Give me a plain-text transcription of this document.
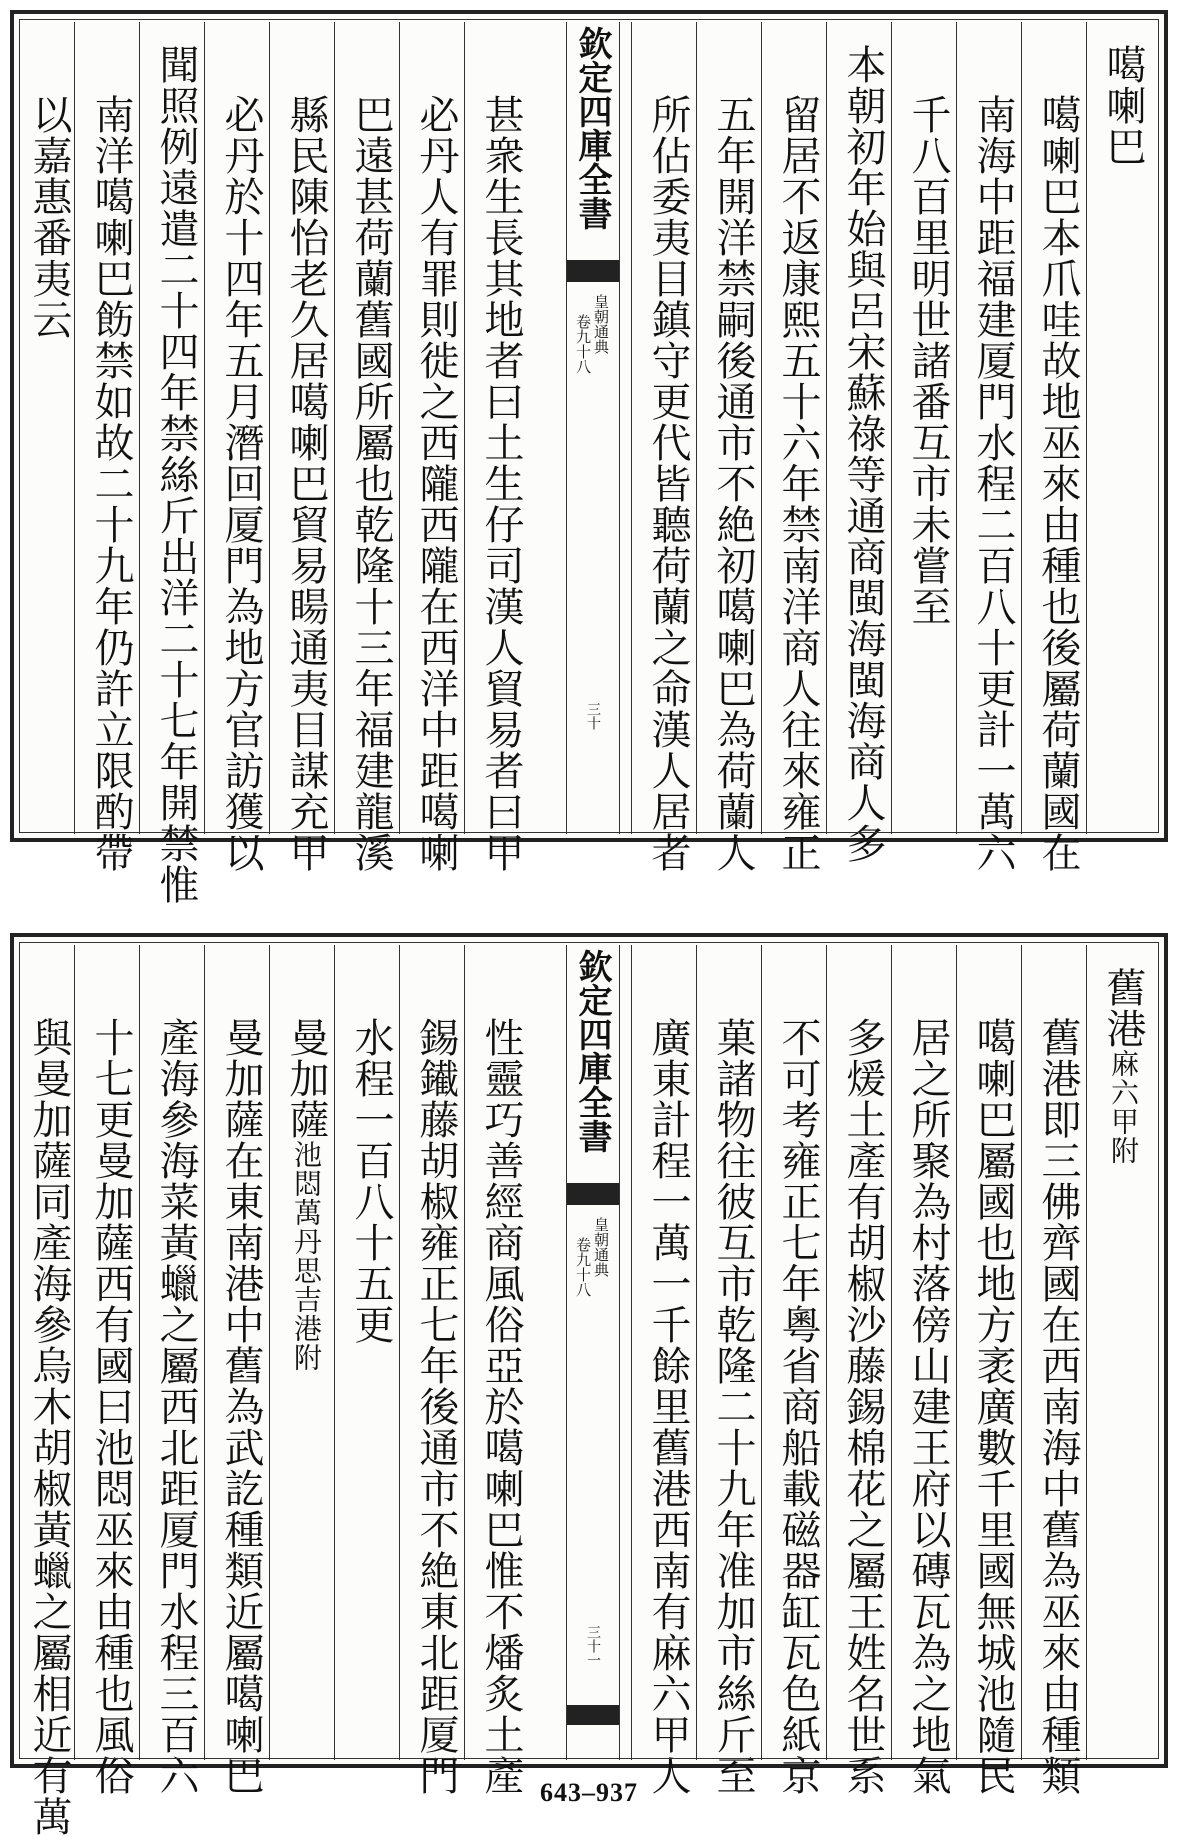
欽定四庫全書
皇朝通典
卷九十八
三十
噶喇巴
噶喇巴本爪哇故地巫來由種也後屬荷蘭國在
南海中距福建厦門水程二百八十更計一萬六
千八百里明世諸番互市未嘗至
本朝初年始與呂宋蘇祿等通商閩海閩海商人多
留居不返康熙五十六年禁南洋商人往來雍正
五年開洋禁嗣後通市不絶初噶喇巴為荷蘭人
所佔委夷目鎮守更代皆聽荷蘭之命漢人居者
甚衆生長其地者曰土生仔司漢人貿易者曰甲
必丹人有罪則徙之西隴西隴在西洋中距噶喇
巴遠甚荷蘭舊國所屬也乾隆十三年福建龍溪
縣民陳怡老久居噶喇巴貿易䁑通夷目謀充甲
必丹於十四年五月潛回厦門為地方官訪獲以
聞照例遠遣二十四年禁絲斤出洋二十七年開禁惟
南洋噶喇巴飭禁如故二十九年仍許立限酌帶
以嘉惠番夷云
欽定四庫全書
皇朝通典
卷九十八
三十一
舊港麻六甲附
舊港即三佛齊國在西南海中舊為巫來由種類
噶喇巴屬國也地方袤廣數千里國無城池隨民
居之所聚為村落傍山建王府以磚瓦為之地氣
多煖土產有胡椒沙藤錫棉花之屬王姓名世系
不可考雍正七年粵省商船載磁器缸瓦色紙京
菓諸物往彼互市乾隆二十九年准加市絲斤至
廣東計程一萬一千餘里舊港西南有麻六甲人
性靈巧善經商風俗亞於噶喇巴惟不燔炙土產
錫䥫藤胡椒雍正七年後通市不絶東北距厦門
水程一百八十五更
曼加薩池悶萬丹思吉港附
曼加薩在東南港中舊為武訖種類近屬噶喇巴
產海參海菜黃蠟之屬西北距厦門水程三百六
十七更曼加薩西有國曰池悶巫來由種也風俗
與曼加薩同產海參烏木胡椒黃蠟之屬相近有萬	643–937
